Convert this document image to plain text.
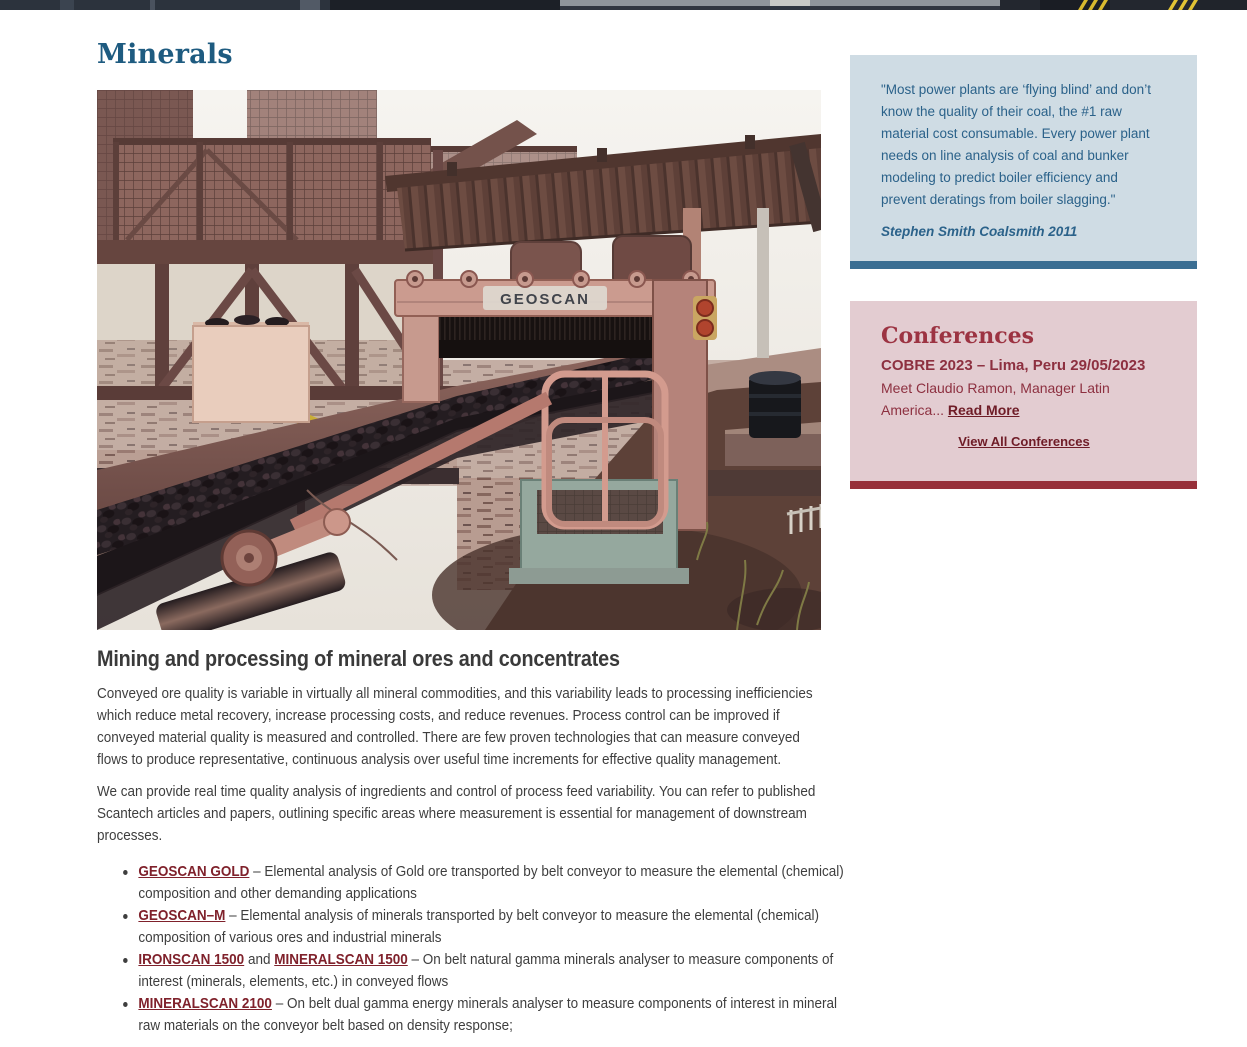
Minerals
GEOSCAN
Mining and processing of mineral ores and concentrates

Conveyed ore quality is variable in virtually all mineral commodities, and this variability leads to processing inefficiencies which reduce metal recovery, increase processing costs, and reduce revenues. Process control can be improved if conveyed material quality is measured and controlled. There are few proven technologies that can measure conveyed flows to produce representative, continuous analysis over useful time increments for effective quality management.

We can provide real time quality analysis of ingredients and control of process feed variability. You can refer to published Scantech articles and papers, outlining specific areas where measurement is essential for management of downstream processes.

GEOSCAN GOLD – Elemental analysis of Gold ore transported by belt conveyor to measure the elemental (chemical) composition and other demanding applications
GEOSCAN–M – Elemental analysis of minerals transported by belt conveyor to measure the elemental (chemical) composition of various ores and industrial minerals
IRONSCAN 1500 and MINERALSCAN 1500 – On belt natural gamma minerals analyser to measure components of interest (minerals, elements, etc.) in conveyed flows
MINERALSCAN 2100 – On belt dual gamma energy minerals analyser to measure components of interest in mineral raw materials on the conveyor belt based on density response;
"Most power plants are ‘flying blind’ and don’t know the quality of their coal, the #1 raw material cost consumable. Every power plant needs on line analysis of coal and bunker modeling to predict boiler efficiency and prevent deratings from boiler slagging."
Stephen Smith Coalsmith 2011
Conferences
COBRE 2023 – Lima, Peru 29/05/2023
Meet Claudio Ramon, Manager Latin America... Read More
View All Conferences
